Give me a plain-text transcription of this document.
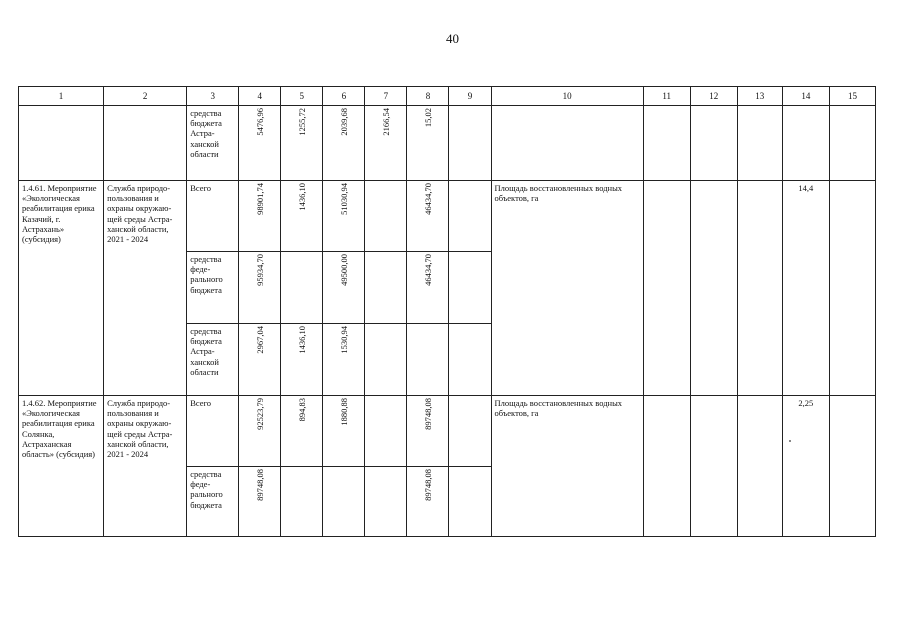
40
1	2	3	4	5	6	7	8	9	10	11	12	13	14	15
		средства бюджета Астра-ханской области	5476,96	1255,72	2039,68	2166,54	15,02							
1.4.61. Мероприятие «Экологическая реабилитация ерика Казачий, г. Астрахань» (субсидия)	Служба природо-пользования и охраны окружаю-щей среды Астра-ханской области, 2021 - 2024	Всего	98901,74	1436,10	51030,94		46434,70		Площадь восстановленных водных объектов, га				14,4	
		средства феде-рального бюджета	95934,70		49500,00		46434,70							
		средства бюджета Астра-ханской области	2967,04	1436,10	1530,94									
1.4.62. Мероприятие «Экологическая реабилитация ерика Солянка, Астраханская область» (субсидия)	Служба природо-пользования и охраны окружаю-щей среды Астра-ханской области, 2021 - 2024	Всего	92523,79	894,83	1880,88		89748,08		Площадь восстановленных водных объектов, га				2,25	
		средства феде-рального бюджета	89748,08				89748,08							
